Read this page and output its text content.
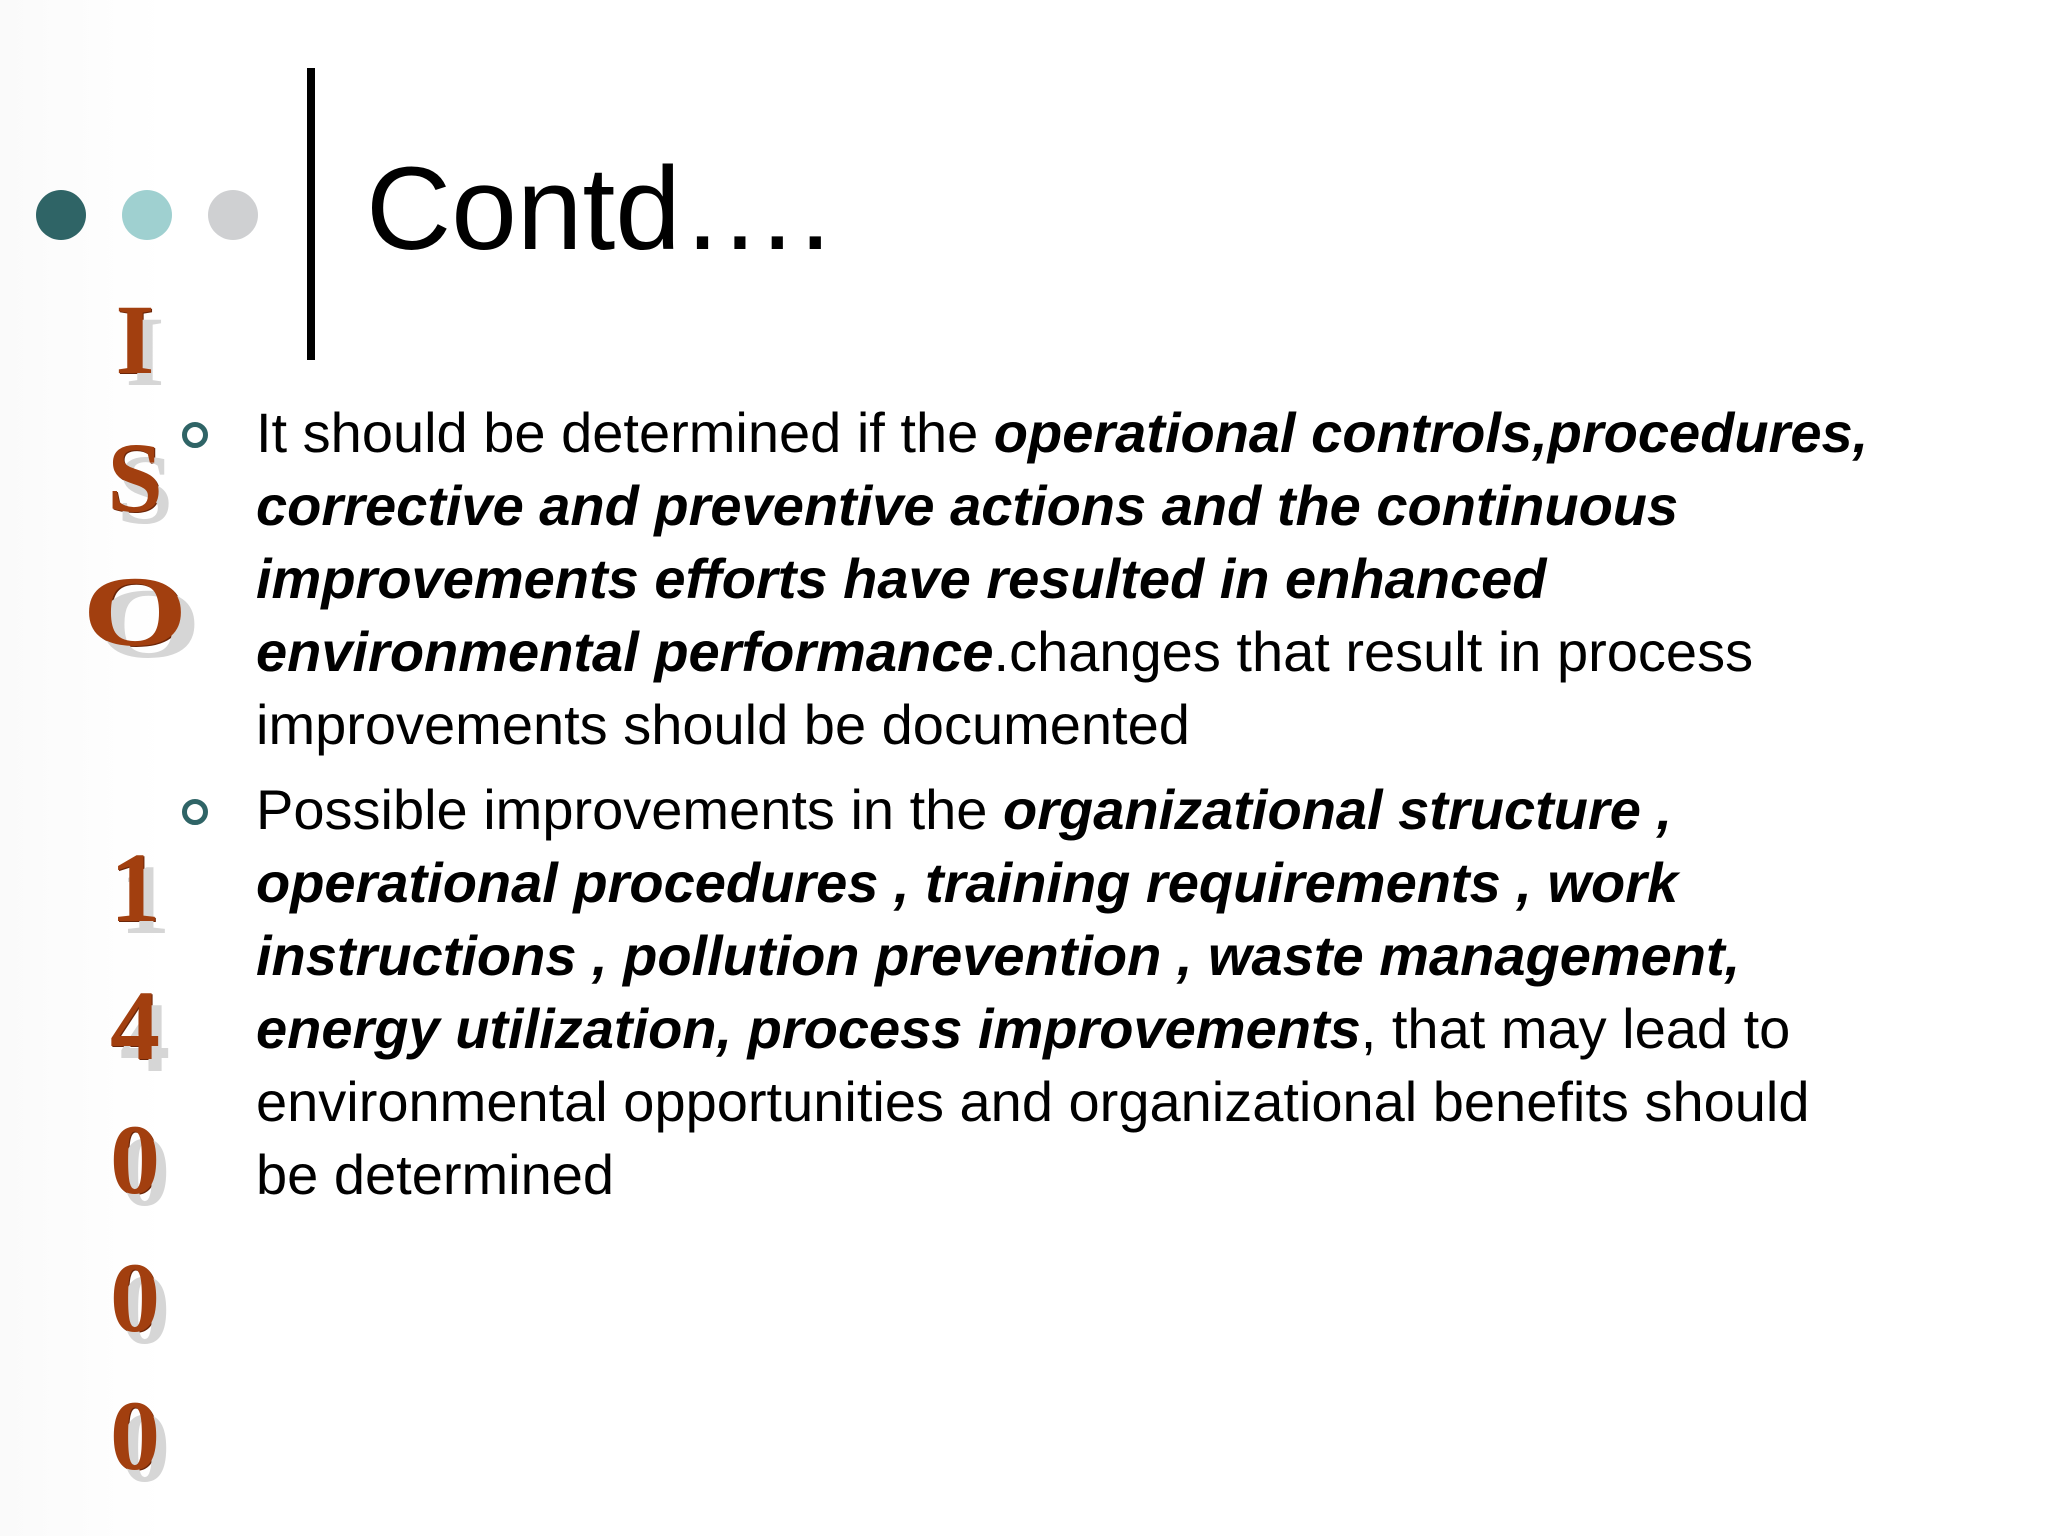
Contd….
I
S
O
1
4
0
0
0

It should be determined if the operational controls,procedures, corrective and preventive actions and the continuous improvements efforts have resulted in enhanced environmental performance.changes that result in process improvements should be documented

Possible improvements in the organizational structure , operational procedures , training requirements , work instructions , pollution prevention , waste management, energy utilization, process improvements, that may lead to environmental opportunities and organizational benefits should be determined
